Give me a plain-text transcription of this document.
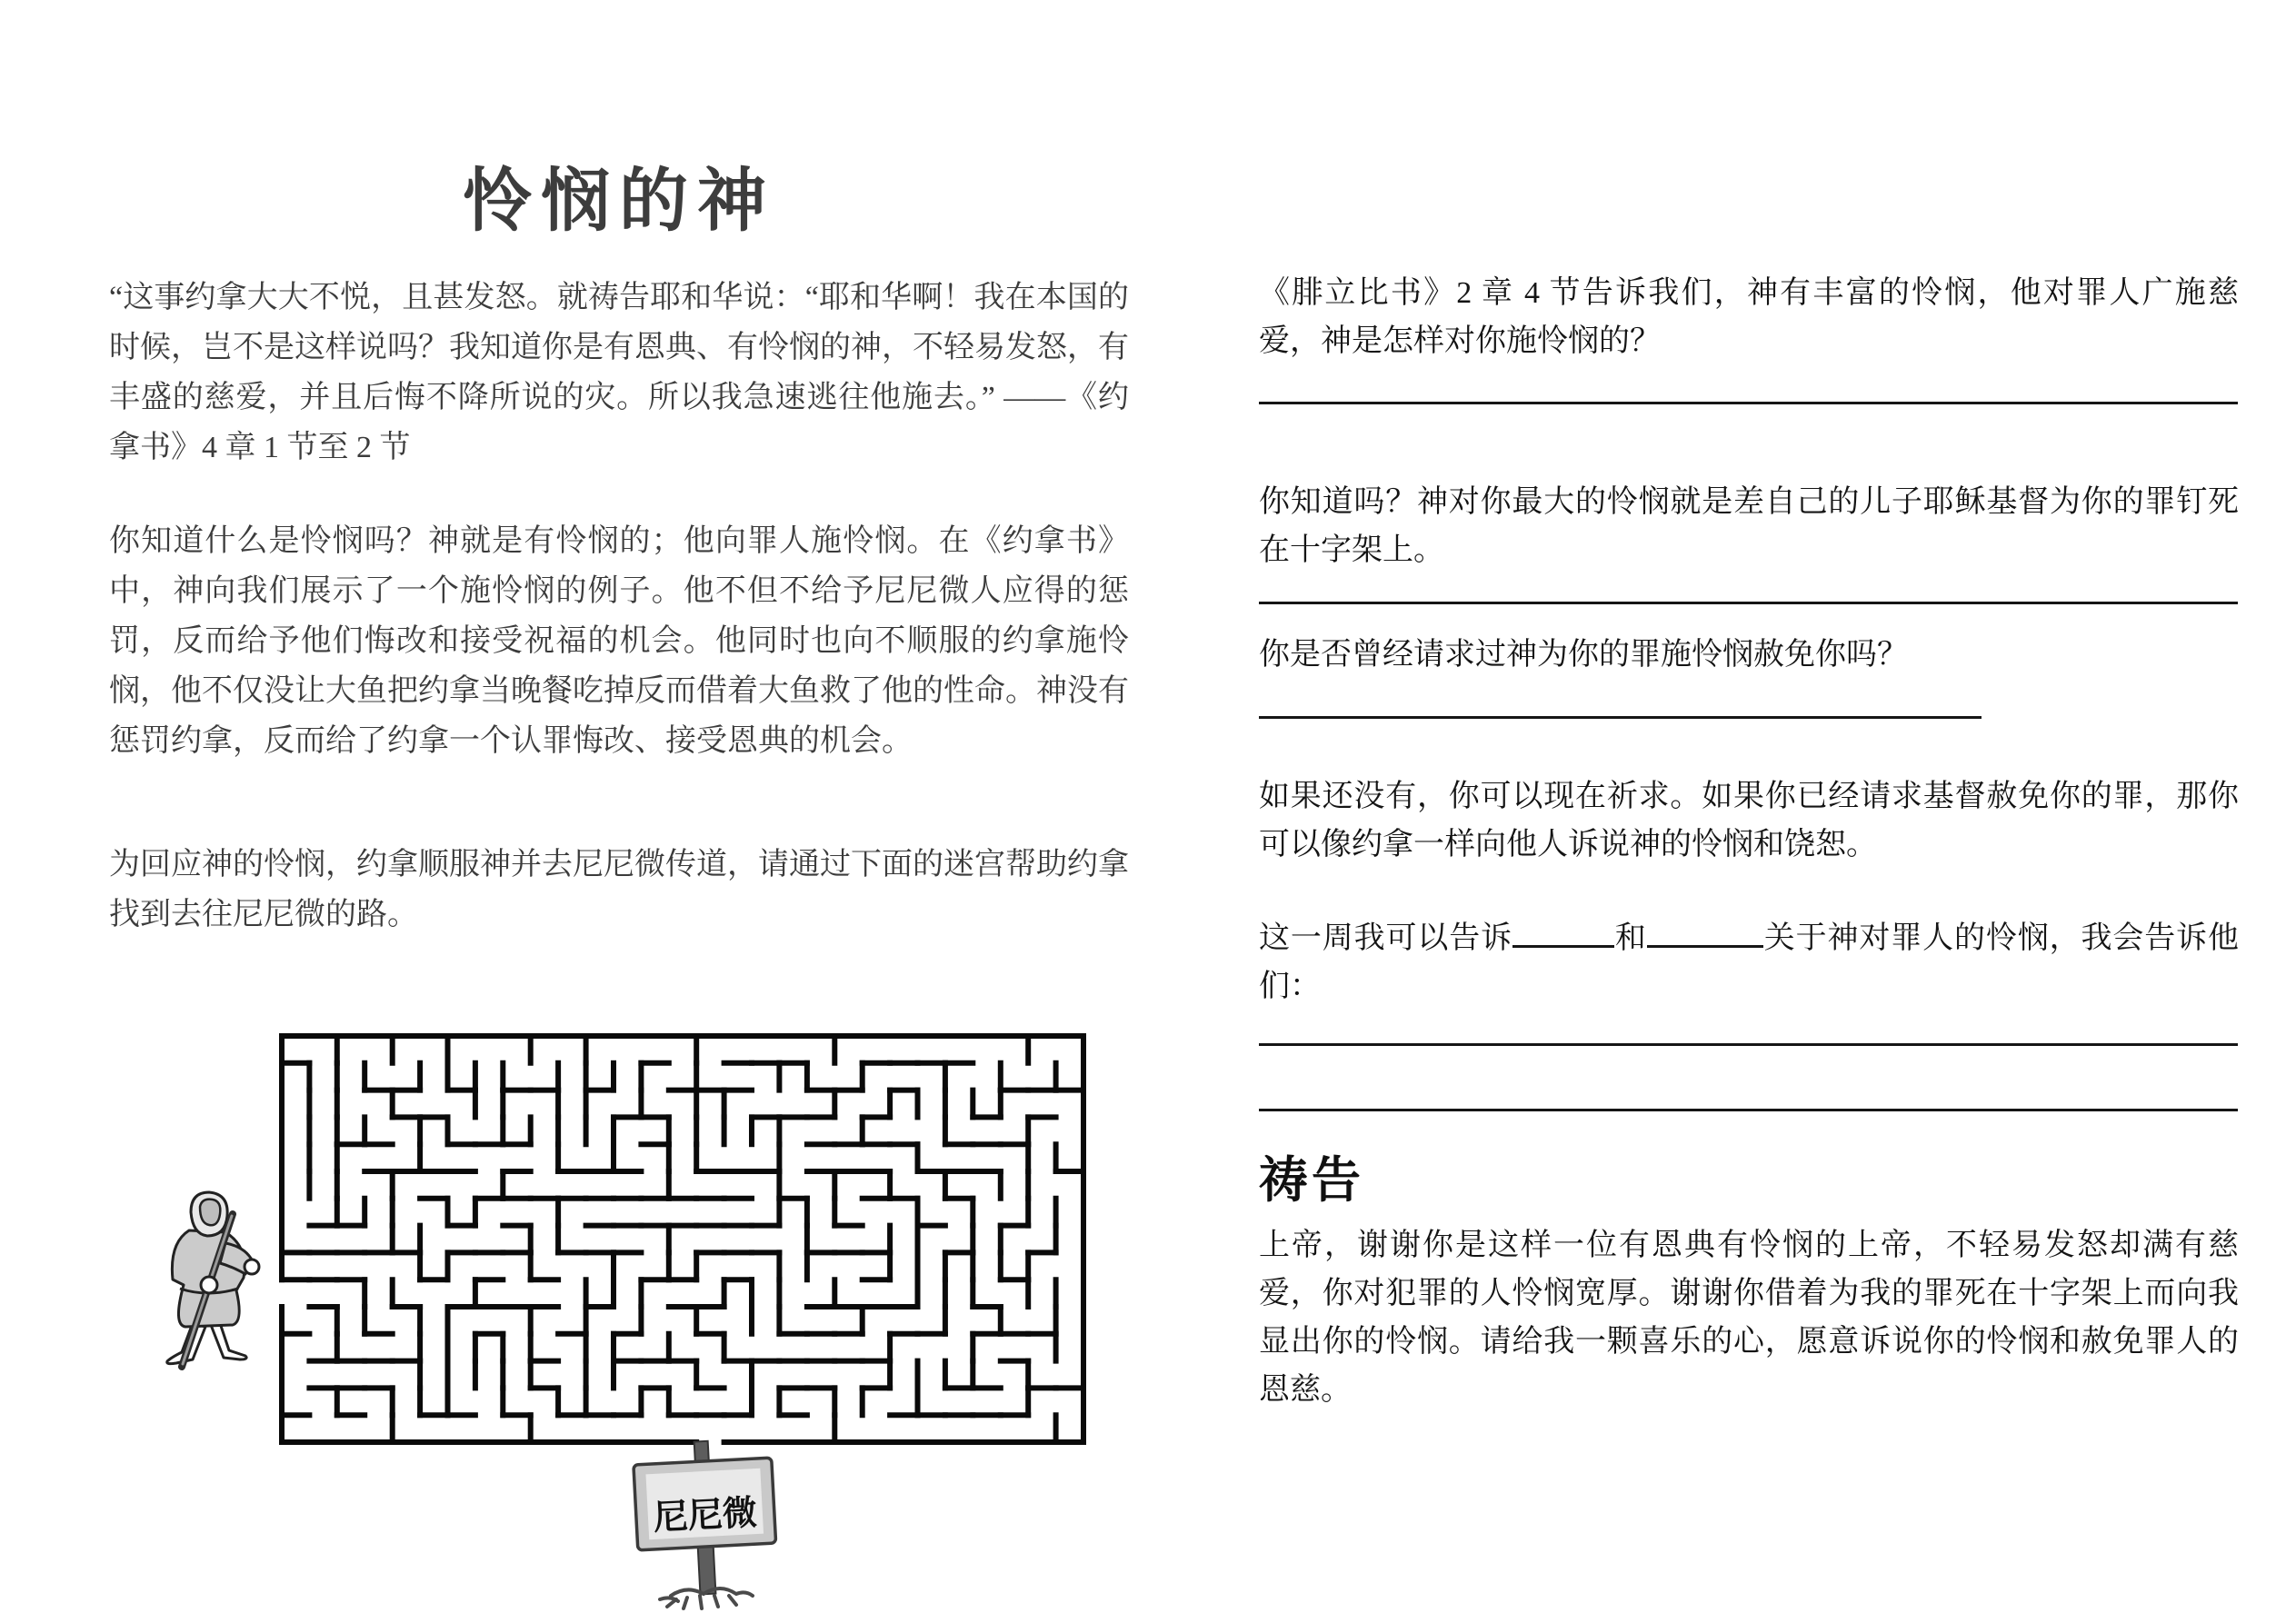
怜悯的神
“这事约拿大大不悦，且甚发怒。就祷告耶和华说：“耶和华啊！我在本国的时候，岂不是这样说吗？我知道你是有恩典、有怜悯的神，不轻易发怒，有丰盛的慈爱，并且后悔不降所说的灾。所以我急速逃往他施去。” ——《约拿书》4 章 1 节至 2 节
你知道什么是怜悯吗？神就是有怜悯的；他向罪人施怜悯。在《约拿书》中，神向我们展示了一个施怜悯的例子。他不但不给予尼尼微人应得的惩罚，反而给予他们悔改和接受祝福的机会。他同时也向不顺服的约拿施怜悯，他不仅没让大鱼把约拿当晚餐吃掉反而借着大鱼救了他的性命。神没有惩罚约拿，反而给了约拿一个认罪悔改、接受恩典的机会。
为回应神的怜悯，约拿顺服神并去尼尼微传道，请通过下面的迷宫帮助约拿找到去往尼尼微的路。
尼尼微
《腓立比书》2 章 4 节告诉我们，神有丰富的怜悯，他对罪人广施慈爱，神是怎样对你施怜悯的？
你知道吗？神对你最大的怜悯就是差自己的儿子耶稣基督为你的罪钉死在十字架上。
你是否曾经请求过神为你的罪施怜悯赦免你吗？
如果还没有，你可以现在祈求。如果你已经请求基督赦免你的罪，那你可以像约拿一样向他人诉说神的怜悯和饶恕。
这一周我可以告诉	和	关于神对罪人的怜悯，我会告诉他们：
祷告
上帝，谢谢你是这样一位有恩典有怜悯的上帝，不轻易发怒却满有慈爱，你对犯罪的人怜悯宽厚。谢谢你借着为我的罪死在十字架上而向我显出你的怜悯。请给我一颗喜乐的心，愿意诉说你的怜悯和赦免罪人的恩慈。
